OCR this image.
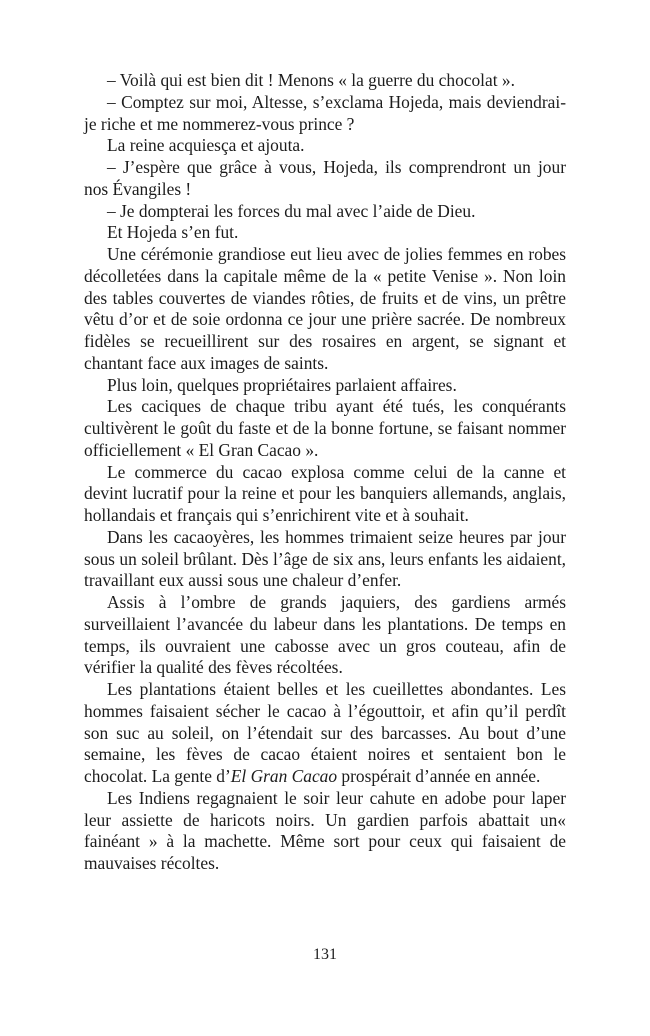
– Voilà qui est bien dit ! Menons « la guerre du chocolat ».

– Comptez sur moi, Altesse, s’exclama Hojeda, mais deviendrai-je riche et me nommerez-vous prince ?

La reine acquiesça et ajouta.

– J’espère que grâce à vous, Hojeda, ils comprendront un jour nos Évangiles !

– Je dompterai les forces du mal avec l’aide de Dieu.

Et Hojeda s’en fut.

Une cérémonie grandiose eut lieu avec de jolies femmes en robes décolletées dans la capitale même de la « petite Venise ». Non loin des tables couvertes de viandes rôties, de fruits et de vins, un prêtre vêtu d’or et de soie ordonna ce jour une prière sacrée. De nombreux fidèles se recueillirent sur des rosaires en argent, se signant et chantant face aux images de saints.

Plus loin, quelques propriétaires parlaient affaires.

Les caciques de chaque tribu ayant été tués, les conquérants cultivèrent le goût du faste et de la bonne fortune, se faisant nommer officiellement « El Gran Cacao ».

Le commerce du cacao explosa comme celui de la canne et devint lucratif pour la reine et pour les banquiers allemands, anglais, hollandais et français qui s’enrichirent vite et à souhait.

Dans les cacaoyères, les hommes trimaient seize heures par jour sous un soleil brûlant. Dès l’âge de six ans, leurs enfants les aidaient, travaillant eux aussi sous une chaleur d’enfer.

Assis à l’ombre de grands jaquiers, des gardiens armés surveillaient l’avancée du labeur dans les plantations. De temps en temps, ils ouvraient une cabosse avec un gros couteau, afin de vérifier la qualité des fèves récoltées.

Les plantations étaient belles et les cueillettes abondantes. Les hommes faisaient sécher le cacao à l’égouttoir, et afin qu’il perdît son suc au soleil, on l’étendait sur des barcasses. Au bout d’une semaine, les fèves de cacao étaient noires et sentaient bon le chocolat. La gente d’El Gran Cacao prospérait d’année en année.

Les Indiens regagnaient le soir leur cahute en adobe pour laper leur assiette de haricots noirs. Un gardien parfois abattait un« fainéant » à la machette. Même sort pour ceux qui faisaient de mauvaises récoltes.

131
